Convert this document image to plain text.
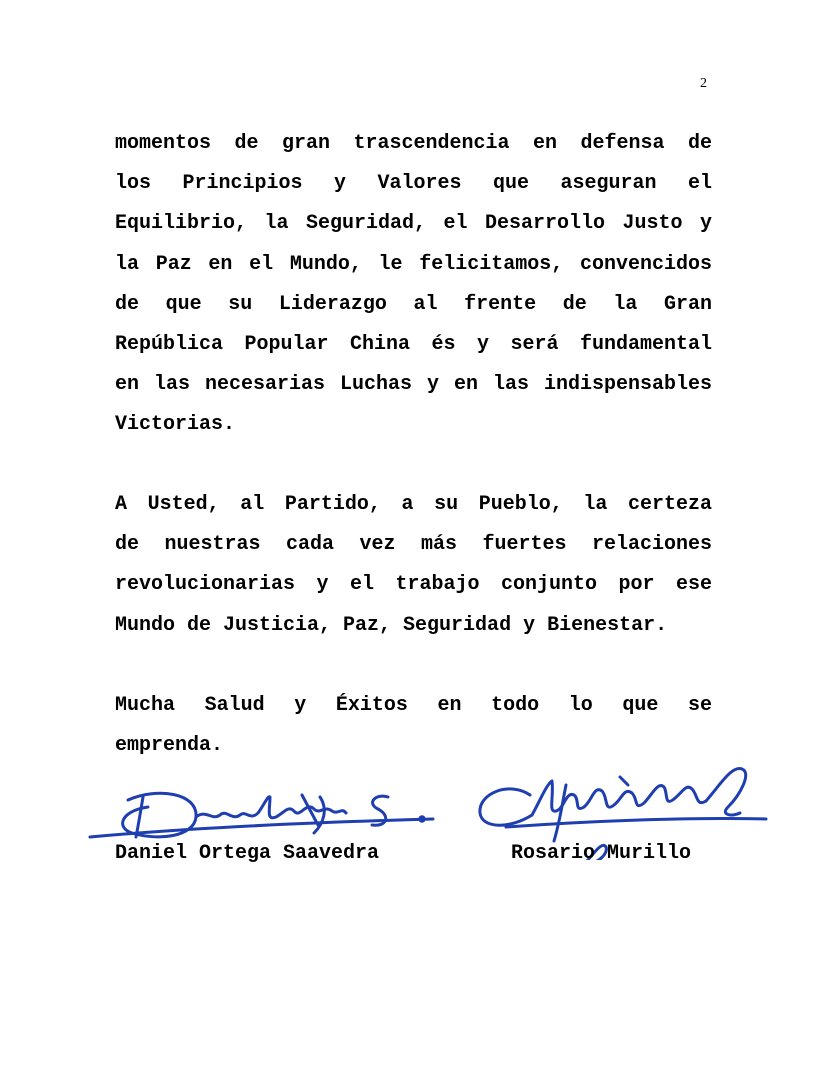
2
momentos de gran trascendencia en defensa de
los Principios y Valores que aseguran el
Equilibrio, la Seguridad, el Desarrollo Justo y
la Paz en el Mundo, le felicitamos, convencidos
de que su Liderazgo al frente de la Gran
República Popular China és y será fundamental
en las necesarias Luchas y en las indispensables
Victorias.
A Usted, al Partido, a su Pueblo, la certeza
de nuestras cada vez más fuertes relaciones
revolucionarias y el trabajo conjunto por ese
Mundo de Justicia, Paz, Seguridad y Bienestar.
Mucha Salud y Éxitos en todo lo que se
emprenda.
Daniel Ortega Saavedra	Rosario Murillo
